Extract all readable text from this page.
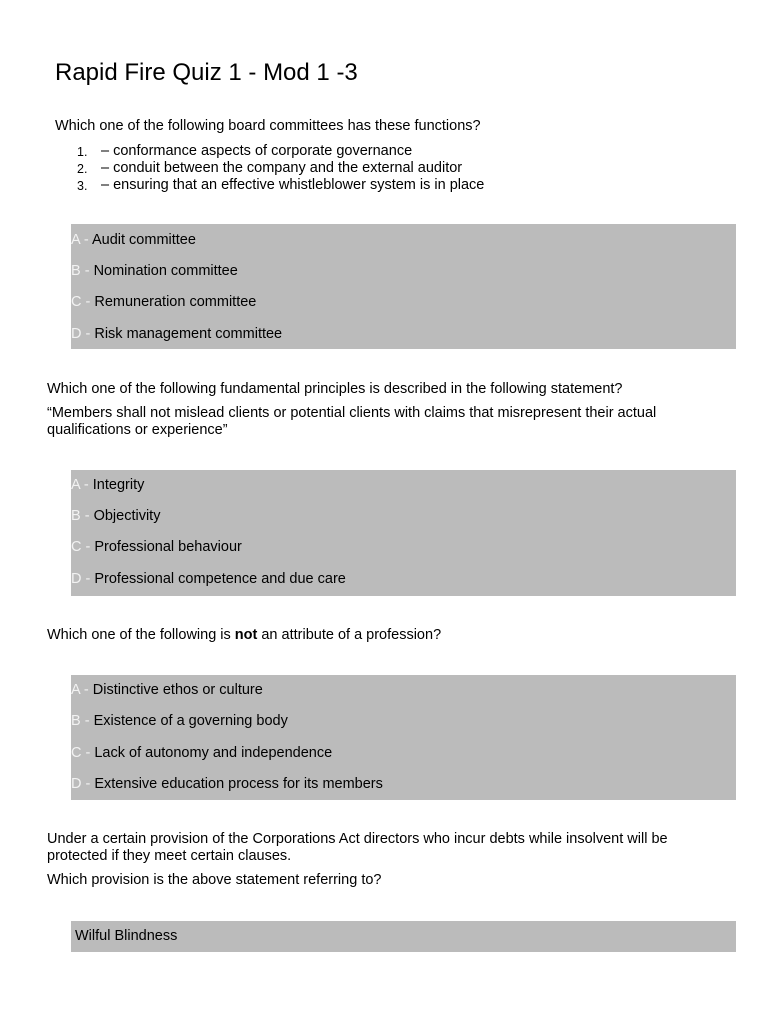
Rapid Fire Quiz 1 - Mod 1 -3
Which one of the following board committees has these functions?
1. – conformance aspects of corporate governance
2. – conduit between the company and the external auditor
3. – ensuring that an effective whistleblower system is in place
A - Audit committee
B - Nomination committee
C - Remuneration committee
D - Risk management committee
Which one of the following fundamental principles is described in the following statement?
“Members shall not mislead clients or potential clients with claims that misrepresent their actual qualifications or experience”
A - Integrity
B - Objectivity
C - Professional behaviour
D - Professional competence and due care
Which one of the following is not an attribute of a profession?
A - Distinctive ethos or culture
B - Existence of a governing body
C - Lack of autonomy and independence
D - Extensive education process for its members
Under a certain provision of the Corporations Act directors who incur debts while insolvent will be protected if they meet certain clauses.
Which provision is the above statement referring to?
Wilful Blindness
